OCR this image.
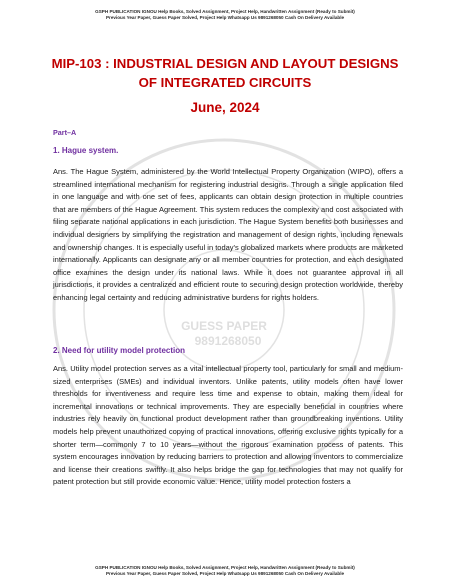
GUESS PAPER
9891268050
GSPH PUBLICATION IGNOU Help Books, Solved Assignment, Project Help, Handwritten Assignment (Ready to Submit)
Previous Year Paper, Guess Paper Solved, Project Help Whatsapp Us 9891268050 Cash On Delivery Available
MIP-103 : INDUSTRIAL DESIGN AND LAYOUT DESIGNS
OF INTEGRATED CIRCUITS
June, 2024
Part–A
1. Hague system.

Ans. The Hague System, administered by the World Intellectual Property Organization (WIPO), offers a streamlined international mechanism for registering industrial designs. Through a single application filed in one language and with one set of fees, applicants can obtain design protection in multiple countries that are members of the Hague Agreement. This system reduces the complexity and cost associated with filing separate national applications in each jurisdiction. The Hague System benefits both businesses and individual designers by simplifying the registration and management of design rights, including renewals and ownership changes. It is especially useful in today's globalized markets where products are marketed internationally. Applicants can designate any or all member countries for protection, and each designated office examines the design under its national laws. While it does not guarantee approval in all jurisdictions, it provides a centralized and efficient route to securing design protection worldwide, thereby enhancing legal certainty and reducing administrative burdens for rights holders.

2. Need for utility model protection

Ans. Utility model protection serves as a vital intellectual property tool, particularly for small and medium-sized enterprises (SMEs) and individual inventors. Unlike patents, utility models often have lower thresholds for inventiveness and require less time and expense to obtain, making them ideal for incremental innovations or technical improvements. They are especially beneficial in countries where industries rely heavily on functional product development rather than groundbreaking inventions. Utility models help prevent unauthorized copying of practical innovations, offering exclusive rights typically for a shorter term—commonly 7 to 10 years—without the rigorous examination process of patents. This system encourages innovation by reducing barriers to protection and allowing inventors to commercialize and license their creations swiftly. It also helps bridge the gap for technologies that may not qualify for patent protection but still provide economic value. Hence, utility model protection fosters a

GSPH PUBLICATION IGNOU Help Books, Solved Assignment, Project Help, Handwritten Assignment (Ready to Submit)
Previous Year Paper, Guess Paper Solved, Project Help Whatsapp Us 9891268050 Cash On Delivery Available
